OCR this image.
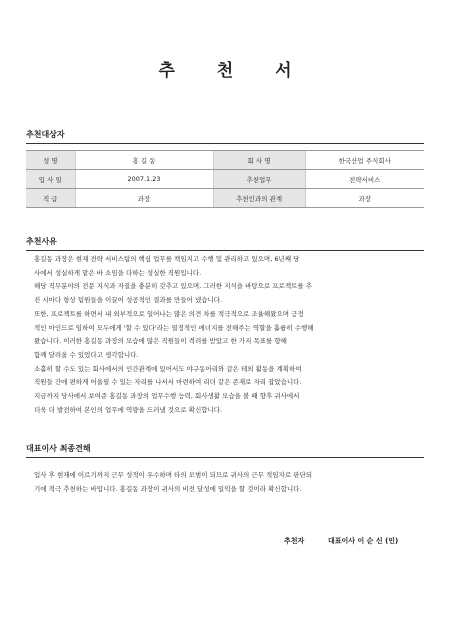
추 천 서
추천대상자
성 명	홍 길 동	회 사 명	한국산업 주식회사
입 사 일	2007.1.23	추천업무	전략서비스
직 급	과장	추천인과의 관계	과장
추천사유

홍길동 과장은 현재 전략 서비스팀의 핵심 업무를 책임지고 수행 및 관리하고 있으며, 6년째 당

사에서 성실하게 맡은 바 소임을 다하는 성실한 직원입니다.

해당 직무분야의 전문 지식과 자질을 충분히 갖추고 있으며, 그러한 지식을 바탕으로 프로젝트를 추

진 시마다 항상 팀원들을 이끌어 성공적인 결과를 만들어 냈습니다.

또한, 프로젝트를 하면서 내 외부적으로 일어나는 많은 의견 차를 적극적으로 조율해왔으며 긍정

적인 마인드로 임하여 모두에게 '할 수 있다'라는 열정적인 에너지를 전해주는 역할을 훌륭히 수행해

왔습니다. 이러한 홍길동 과장의 모습에 많은 직원들이 격려를 받았고 한 가지 목표를 향해

함께 달려올 수 있었다고 생각합니다.

소홀히 할 수도 있는 회사에서의 인간관계에 있어서도 야구동아리와 같은 테외 활동을 계획하여

직원들 간에 편하게 어울릴 수 있는 자리를 나서서 마련하여 리더 같은 존재로 자리 잡았습니다.

지금까지 당사에서 보여준 홍길동 과장의 업무수행 능력, 회사생활 모습을 볼 때 향후 귀사에서

더욱 더 발전하여 본인의 업무에 역량을 드러낼 것으로 확신합니다.

대표이사 최종견해

입사 후 현재에 이르기까지 근무 성적이 우수하며 타의 모범이 되므로 귀사의 근무 적임자로 판단되

기에 적극 추천하는 바입니다. 홍길동 과장이 귀사의 비전 달성에 일익을 할 것이라 확신합니다.

추천자	대표이사 이 순 신 (인)
